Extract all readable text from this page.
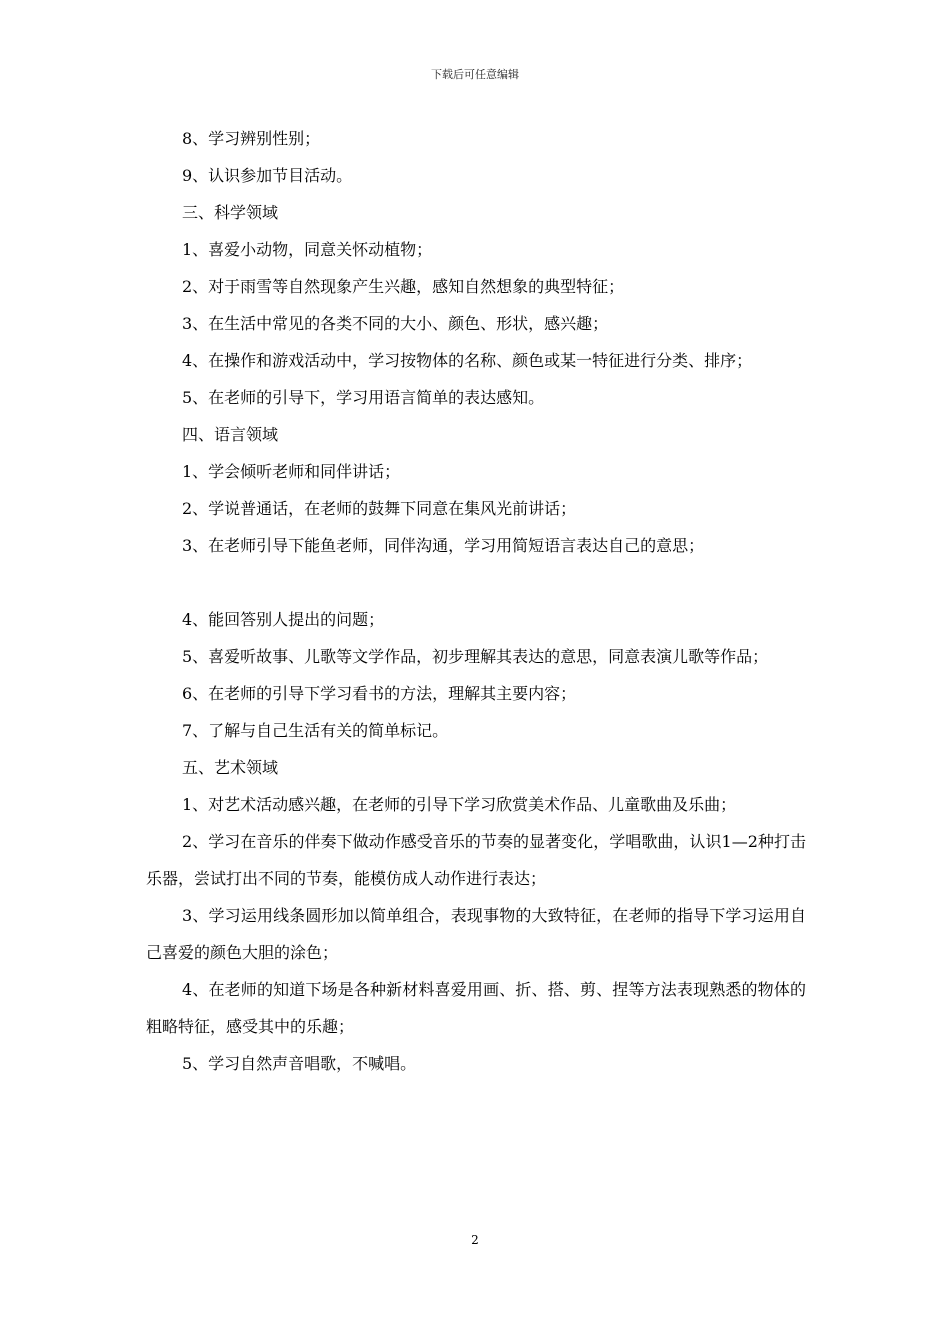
下载后可任意编辑

8、学习辨别性别；

9、认识参加节目活动。

三、科学领域

1、喜爱小动物，同意关怀动植物；

2、对于雨雪等自然现象产生兴趣，感知自然想象的典型特征；

3、在生活中常见的各类不同的大小、颜色、形状，感兴趣；

4、在操作和游戏活动中，学习按物体的名称、颜色或某一特征进行分类、排序；

5、在老师的引导下，学习用语言简单的表达感知。

四、语言领域

1、学会倾听老师和同伴讲话；

2、学说普通话，在老师的鼓舞下同意在集风光前讲话；

3、在老师引导下能鱼老师，同伴沟通，学习用简短语言表达自己的意思；

4、能回答别人提出的问题；

5、喜爱听故事、儿歌等文学作品，初步理解其表达的意思，同意表演儿歌等作品；

6、在老师的引导下学习看书的方法，理解其主要内容；

7、了解与自己生活有关的简单标记。

五、艺术领域

1、对艺术活动感兴趣，在老师的引导下学习欣赏美术作品、儿童歌曲及乐曲；

2、学习在音乐的伴奏下做动作感受音乐的节奏的显著变化，学唱歌曲，认识1—2种打击乐器，尝试打出不同的节奏，能模仿成人动作进行表达；

3、学习运用线条圆形加以简单组合，表现事物的大致特征，在老师的指导下学习运用自己喜爱的颜色大胆的涂色；

4、在老师的知道下场是各种新材料喜爱用画、折、搭、剪、捏等方法表现熟悉的物体的粗略特征，感受其中的乐趣；

5、学习自然声音唱歌，不喊唱。

2
